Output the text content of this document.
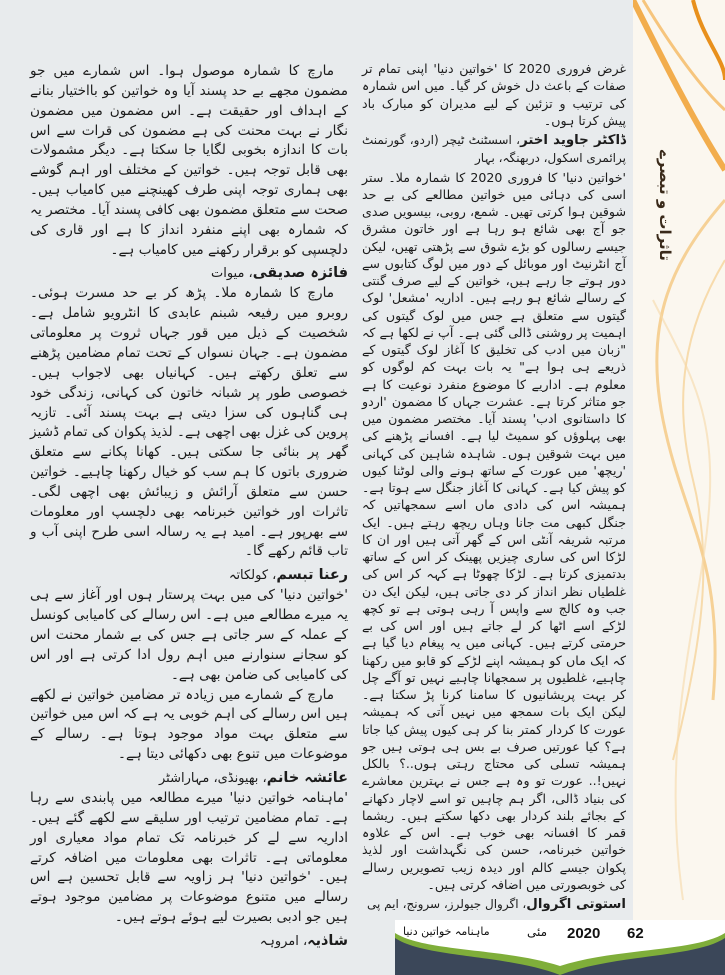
تاثرات و تبصرے

غرض فروری 2020 کا 'خواتین دنیا' اپنی تمام تر صفات کے باعث دل خوش کر گیا۔ میں اس شمارہ کی ترتیب و تزئین کے لیے مدیران کو مبارک باد پیش کرتا ہوں۔

ڈاکٹر جاوید اختر، اسسٹنٹ ٹیچر (اردو، گورنمنٹ پرائمری اسکول، دربھنگہ، بہار

'خواتین دنیا' کا فروری 2020 کا شمارہ ملا۔ ستر اسی کی دہائی میں خواتین مطالعے کی بے حد شوقین ہوا کرتی تھیں۔ شمع، روبی، بیسویں صدی جو آج بھی شائع ہو رہا ہے اور خاتون مشرق جیسے رسالوں کو بڑے شوق سے پڑھتی تھیں، لیکن آج انٹرنیٹ اور موبائل کے دور میں لوگ کتابوں سے دور ہوتے جا رہے ہیں، خواتین کے لیے صرف گنتی کے رسالے شائع ہو رہے ہیں۔ اداریہ 'مشعل' لوک گیتوں سے متعلق ہے جس میں لوک گیتوں کی اہمیت پر روشنی ڈالی گئی ہے۔ آپ نے لکھا ہے کہ "زبان میں ادب کی تخلیق کا آغاز لوک گیتوں کے ذریعے ہی ہوا ہے" یہ بات بہت کم لوگوں کو معلوم ہے۔ اداریے کا موضوع منفرد نوعیت کا ہے جو متاثر کرتا ہے۔ عشرت جہاں کا مضمون 'اردو کا داستانوی ادب' پسند آیا۔ مختصر مضمون میں بھی پہلوؤں کو سمیٹ لیا ہے۔ افسانے پڑھنے کی میں بہت شوقین ہوں۔ شاہدہ شاہین کی کہانی 'ریچھ' میں عورت کے ساتھ ہونے والی لوٹنا کیوں کو پیش کیا ہے۔ کہانی کا آغاز جنگل سے ہوتا ہے۔ ہمیشہ اس کی دادی ماں اسے سمجھاتیں کہ جنگل کبھی مت جانا وہاں ریچھ رہتے ہیں۔ ایک مرتبہ شریفہ آنٹی اس کے گھر آتی ہیں اور ان کا لڑکا اس کی ساری چیزیں پھینک کر اس کے ساتھ بدتمیزی کرتا ہے۔ لڑکا چھوٹا ہے کہہ کر اس کی غلطیاں نظر انداز کر دی جاتی ہیں، لیکن ایک دن جب وہ کالج سے واپس آ رہی ہوتی ہے تو کچھ لڑکے اسے اٹھا کر لے جاتے ہیں اور اس کی بے حرمتی کرتے ہیں۔ کہانی میں یہ پیغام دیا گیا ہے کہ ایک ماں کو ہمیشہ اپنے لڑکے کو قابو میں رکھنا چاہیے، غلطیوں پر سمجھانا چاہیے نہیں تو آگے چل کر بہت پریشانیوں کا سامنا کرنا پڑ سکتا ہے۔ لیکن ایک بات سمجھ میں نہیں آتی کہ ہمیشہ عورت کا کردار کمتر بنا کر ہی کیوں پیش کیا جاتا ہے؟ کیا عورتیں صرف بے بس ہی ہوتی ہیں جو ہمیشہ تسلی کی محتاج رہتی ہوں..؟ بالکل نہیں!.. عورت تو وہ ہے جس نے بہترین معاشرے کی بنیاد ڈالی، اگر ہم چاہیں تو اسے لاچار دکھانے کے بجائے بلند کردار بھی دکھا سکتے ہیں۔ ریشما قمر کا افسانہ بھی خوب ہے۔ اس کے علاوہ خواتین خبرنامہ، حسن کی نگہداشت اور لذیذ پکوان جیسے کالم اور دیدہ زیب تصویریں رسالے کی خوبصورتی میں اضافہ کرتی ہیں۔

استوتی اگروال، اگروال جیولرز، سرونج، ایم پی

مارچ کا شمارہ موصول ہوا۔ اس شمارے میں جو مضمون مجھے بے حد پسند آیا وہ خواتین کو بااختیار بنانے کے اہداف اور حقیقت ہے۔ اس مضمون میں مضمون نگار نے بہت محنت کی ہے مضمون کی قرات سے اس بات کا اندازہ بخوبی لگایا جا سکتا ہے۔ دیگر مشمولات بھی قابل توجہ ہیں۔ خواتین کے مختلف اور اہم گوشے بھی ہماری توجہ اپنی طرف کھینچنے میں کامیاب ہیں۔ صحت سے متعلق مضمون بھی کافی پسند آیا۔ مختصر یہ کہ شمارہ بھی اپنے منفرد انداز کا ہے اور قاری کی دلچسپی کو برقرار رکھنے میں کامیاب ہے۔

فائزہ صدیقی، میوات

مارچ کا شمارہ ملا۔ پڑھ کر بے حد مسرت ہوئی۔ روبرو میں رفیعہ شبنم عابدی کا انٹرویو شامل ہے۔ شخصیت کے ذیل میں قور جہاں ثروت پر معلوماتی مضمون ہے۔ جہان نسواں کے تحت تمام مضامین پڑھنے سے تعلق رکھتے ہیں۔ کہانیاں بھی لاجواب ہیں۔ خصوصی طور پر شبانہ خاتون کی کہانی، زندگی خود ہی گناہوں کی سزا دیتی ہے بہت پسند آئی۔ تازیہ پروین کی غزل بھی اچھی ہے۔ لذیذ پکوان کی تمام ڈشیز گھر پر بنائی جا سکتی ہیں۔ کھانا پکانے سے متعلق ضروری باتوں کا ہم سب کو خیال رکھنا چاہیے۔ خواتین حسن سے متعلق آرائش و زیبائش بھی اچھی لگی۔ تاثرات اور خواتین خبرنامہ بھی دلچسپ اور معلومات سے بھرپور ہے۔ امید ہے یہ رسالہ اسی طرح اپنی آب و تاب قائم رکھے گا۔

رعنا تبسم، کولکاتہ

'خواتین دنیا' کی میں بہت پرستار ہوں اور آغاز سے ہی یہ میرے مطالعے میں ہے۔ اس رسالے کی کامیابی کونسل کے عملہ کے سر جاتی ہے جس کی بے شمار محنت اس کو سجانے سنوارنے میں اہم رول ادا کرتی ہے اور اس کی کامیابی کی ضامن بھی ہے۔

مارچ کے شمارے میں زیادہ تر مضامین خواتین نے لکھے ہیں اس رسالے کی اہم خوبی یہ ہے کہ اس میں خواتین سے متعلق بہت مواد موجود ہوتا ہے۔ رسالے کے موضوعات میں تنوع بھی دکھائی دیتا ہے۔

عائشہ خانم، بھیونڈی، مہاراشٹر

'ماہنامہ خواتین دنیا' میرے مطالعہ میں پابندی سے رہا ہے۔ تمام مضامین ترتیب اور سلیقے سے لکھے گئے ہیں۔ اداریہ سے لے کر خبرنامہ تک تمام مواد معیاری اور معلوماتی ہے۔ تاثرات بھی معلومات میں اضافہ کرتے ہیں۔ 'خواتین دنیا' ہر زاویہ سے قابل تحسین ہے اس رسالے میں متنوع موضوعات پر مضامین موجود ہوتے ہیں جو ادبی بصیرت لیے ہوئے ہوتے ہیں۔

شاذیہ، امروہہ	62
2020
مئی
ماہنامہ خواتین دنیا
